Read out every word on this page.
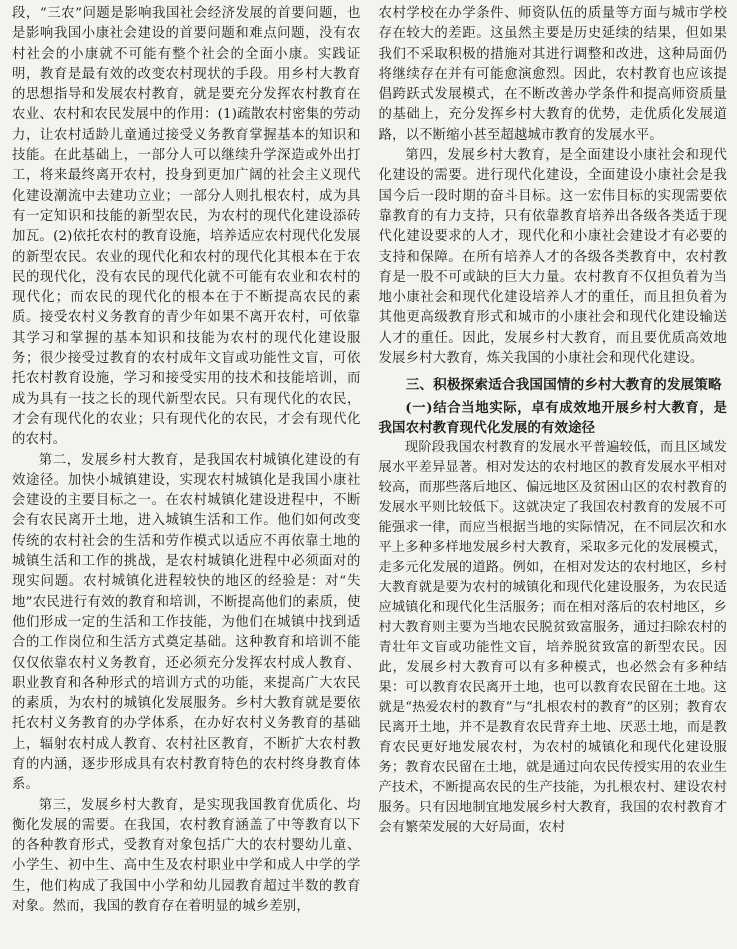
段，“三农”问题是影响我国社会经济发展的首要问题，也是影响我国小康社会建设的首要问题和难点问题，没有农村社会的小康就不可能有整个社会的全面小康。实践证明，教育是最有效的改变农村现状的手段。用乡村大教育的思想指导和发展农村教育，就是要充分发挥农村教育在农业、农村和农民发展中的作用：(1)疏散农村密集的劳动力，让农村适龄儿童通过接受义务教育掌握基本的知识和技能。在此基础上，一部分人可以继续升学深造或外出打工，将来最终离开农村，投身到更加广阔的社会主义现代化建设潮流中去建功立业；一部分人则扎根农村，成为具有一定知识和技能的新型农民，为农村的现代化建设添砖加瓦。(2)依托农村的教育设施，培养适应农村现代化发展的新型农民。农业的现代化和农村的现代化其根本在于农民的现代化，没有农民的现代化就不可能有农业和农村的现代化；而农民的现代化的根本在于不断提高农民的素质。接受农村义务教育的青少年如果不离开农村，可依靠其学习和掌握的基本知识和技能为农村的现代化建设服务；很少接受过教育的农村成年文盲或功能性文盲，可依托农村教育设施，学习和接受实用的技术和技能培训，而成为具有一技之长的现代新型农民。只有现代化的农民，才会有现代化的农业；只有现代化的农民，才会有现代化的农村。

第二，发展乡村大教育，是我国农村城镇化建设的有效途径。加快小城镇建设，实现农村城镇化是我国小康社会建设的主要目标之一。在农村城镇化建设进程中，不断会有农民离开土地，进入城镇生活和工作。他们如何改变传统的农村社会的生活和劳作模式以适应不再依靠土地的城镇生活和工作的挑战，是农村城镇化进程中必须面对的现实问题。农村城镇化进程较快的地区的经验是：对“失地”农民进行有效的教育和培训，不断提高他们的素质，使他们形成一定的生活和工作技能，为他们在城镇中找到适合的工作岗位和生活方式奠定基础。这种教育和培训不能仅仅依靠农村义务教育，还必须充分发挥农村成人教育、职业教育和各种形式的培训方式的功能，来提高广大农民的素质，为农村的城镇化发展服务。乡村大教育就是要依托农村义务教育的办学体系，在办好农村义务教育的基础上，辐射农村成人教育、农村社区教育，不断扩大农村教育的内涵，逐步形成具有农村教育特色的农村终身教育体系。

第三，发展乡村大教育，是实现我国教育优质化、均衡化发展的需要。在我国，农村教育涵盖了中等教育以下的各种教育形式，受教育对象包括广大的农村婴幼儿童、小学生、初中生、高中生及农村职业中学和成人中学的学生，他们构成了我国中小学和幼儿园教育超过半数的教育对象。然而，我国的教育存在着明显的城乡差别，

农村学校在办学条件、师资队伍的质量等方面与城市学校存在较大的差距。这虽然主要是历史延续的结果，但如果我们不采取积极的措施对其进行调整和改进，这种局面仍将继续存在并有可能愈演愈烈。因此，农村教育也应该提倡跨跃式发展模式，在不断改善办学条件和提高师资质量的基础上，充分发挥乡村大教育的优势，走优质化发展道路，以不断缩小甚至超越城市教育的发展水平。

第四，发展乡村大教育，是全面建设小康社会和现代化建设的需要。进行现代化建设，全面建设小康社会是我国今后一段时期的奋斗目标。这一宏伟目标的实现需要依靠教育的有力支持，只有依靠教育培养出各级各类适于现代化建设要求的人才，现代化和小康社会建设才有必要的支持和保障。在所有培养人才的各级各类教育中，农村教育是一股不可或缺的巨大力量。农村教育不仅担负着为当地小康社会和现代化建设培养人才的重任，而且担负着为其他更高级教育形式和城市的小康社会和现代化建设输送人才的重任。因此，发展乡村大教育，而且要优质高效地发展乡村大教育，炼关我国的小康社会和现代化建设。

三、积极探索适合我国国情的乡村大教育的发展策略

(一)结合当地实际，卓有成效地开展乡村大教育，是我国农村教育现代化发展的有效途径

现阶段我国农村教育的发展水平普遍较低，而且区域发展水平差异显著。相对发达的农村地区的教育发展水平相对较高，而那些落后地区、偏远地区及贫困山区的农村教育的发展水平则比较低下。这就决定了我国农村教育的发展不可能强求一律，而应当根据当地的实际情况，在不同层次和水平上多种多样地发展乡村大教育，采取多元化的发展模式，走多元化发展的道路。例如，在相对发达的农村地区，乡村大教育就是要为农村的城镇化和现代化建设服务，为农民适应城镇化和现代化生活服务；而在相对落后的农村地区，乡村大教育则主要为当地农民脱贫致富服务，通过扫除农村的青壮年文盲或功能性文盲，培养脱贫致富的新型农民。因此，发展乡村大教育可以有多种模式，也必然会有多种结果：可以教育农民离开土地，也可以教育农民留在土地。这就是“热爱农村的教育”与“扎根农村的教育”的区别；教育农民离开土地，并不是教育农民背弃土地、厌恶土地，而是教育农民更好地发展农村，为农村的城镇化和现代化建设服务；教育农民留在土地，就是通过向农民传授实用的农业生产技术，不断提高农民的生产技能，为扎根农村、建设农村服务。只有因地制宜地发展乡村大教育，我国的农村教育才会有繁荣发展的大好局面，农村
